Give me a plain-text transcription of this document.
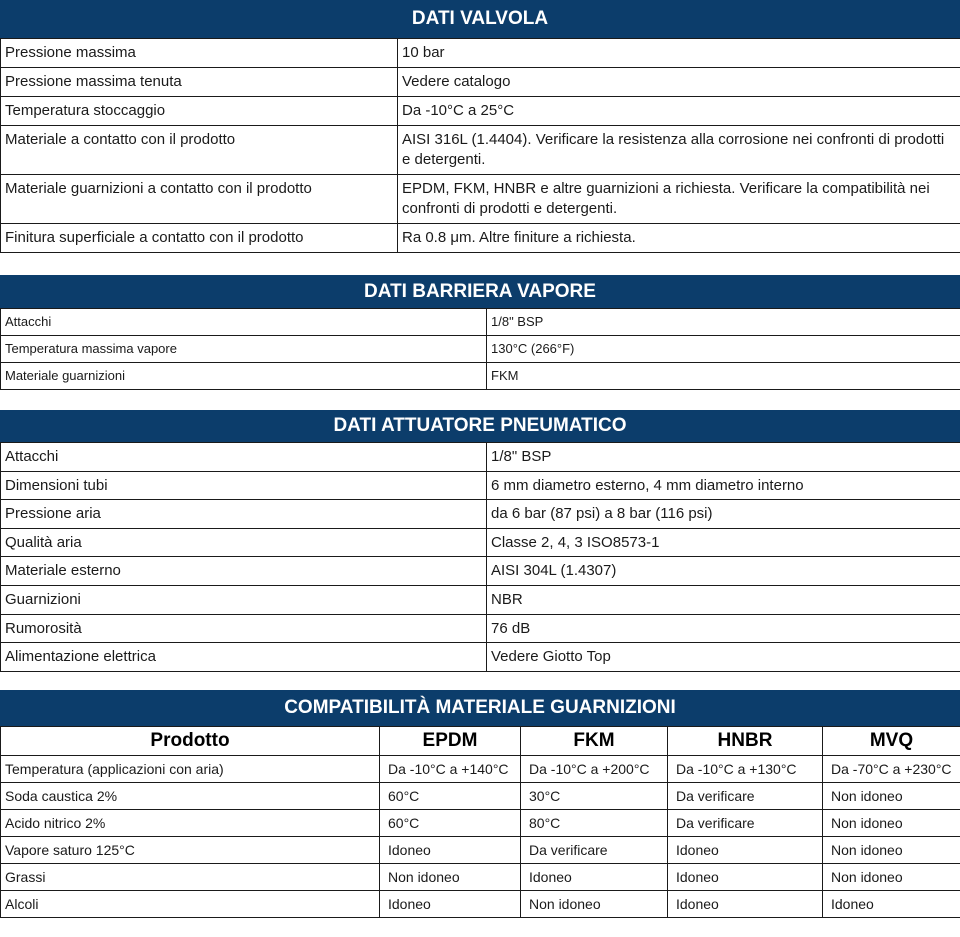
DATI VALVOLA
Pressione massima	10 bar
Pressione massima tenuta	Vedere catalogo
Temperatura stoccaggio	Da -10°C a 25°C
Materiale a contatto con il prodotto	AISI 316L (1.4404). Verificare la resistenza alla corrosione nei confronti di prodotti e detergenti.
Materiale guarnizioni a contatto con il prodotto	EPDM, FKM, HNBR e altre guarnizioni a richiesta. Verificare la compatibilità nei confronti di prodotti e detergenti.
Finitura superficiale a contatto con il prodotto	Ra 0.8 μm. Altre finiture a richiesta.
DATI BARRIERA VAPORE
Attacchi	1/8" BSP
Temperatura massima vapore	130°C (266°F)
Materiale guarnizioni	FKM
DATI ATTUATORE PNEUMATICO
Attacchi	1/8" BSP
Dimensioni tubi	6 mm diametro esterno, 4 mm diametro interno
Pressione aria	da 6 bar (87 psi) a 8 bar (116 psi)
Qualità aria	Classe 2, 4, 3 ISO8573-1
Materiale esterno	AISI 304L (1.4307)
Guarnizioni	NBR
Rumorosità	76 dB
Alimentazione elettrica	Vedere Giotto Top
COMPATIBILITÀ MATERIALE GUARNIZIONI
Prodotto	EPDM	FKM	HNBR	MVQ
Temperatura (applicazioni con aria)	Da -10°C a +140°C	Da -10°C a +200°C	Da -10°C a +130°C	Da -70°C a +230°C
Soda caustica 2%	60°C	30°C	Da verificare	Non idoneo
Acido nitrico 2%	60°C	80°C	Da verificare	Non idoneo
Vapore saturo 125°C	Idoneo	Da verificare	Idoneo	Non idoneo
Grassi	Non idoneo	Idoneo	Idoneo	Non idoneo
Alcoli	Idoneo	Non idoneo	Idoneo	Idoneo
